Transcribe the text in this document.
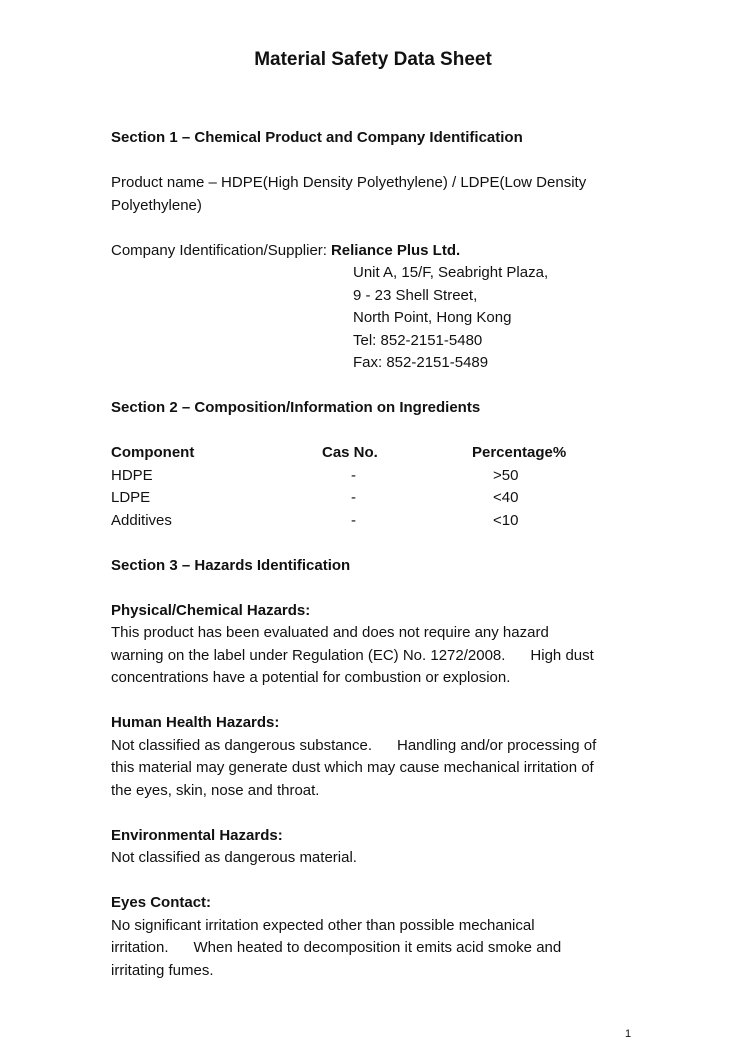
Material Safety Data Sheet

Section 1 – Chemical Product and Company Identification

Product name – HDPE(High Density Polyethylene) / LDPE(Low Density

Polyethylene)

Company Identification/Supplier: Reliance Plus Ltd.

Unit A, 15/F, Seabright Plaza,

9 - 23 Shell Street,

North Point, Hong Kong

Tel: 852-2151-5480

Fax: 852-2151-5489

Section 2 – Composition/Information on Ingredients

Component	Cas No.	Percentage%
HDPE	-	>50
LDPE	-	<40
Additives	-	<10

Section 3 – Hazards Identification

Physical/Chemical Hazards:

This product has been evaluated and does not require any hazard

warning on the label under Regulation (EC) No. 1272/2008.      High dust

concentrations have a potential for combustion or explosion.

Human Health Hazards:

Not classified as dangerous substance.      Handling and/or processing of

this material may generate dust which may cause mechanical irritation of

the eyes, skin, nose and throat.

Environmental Hazards:

Not classified as dangerous material.

Eyes Contact:

No significant irritation expected other than possible mechanical

irritation.      When heated to decomposition it emits acid smoke and

irritating fumes.

1
